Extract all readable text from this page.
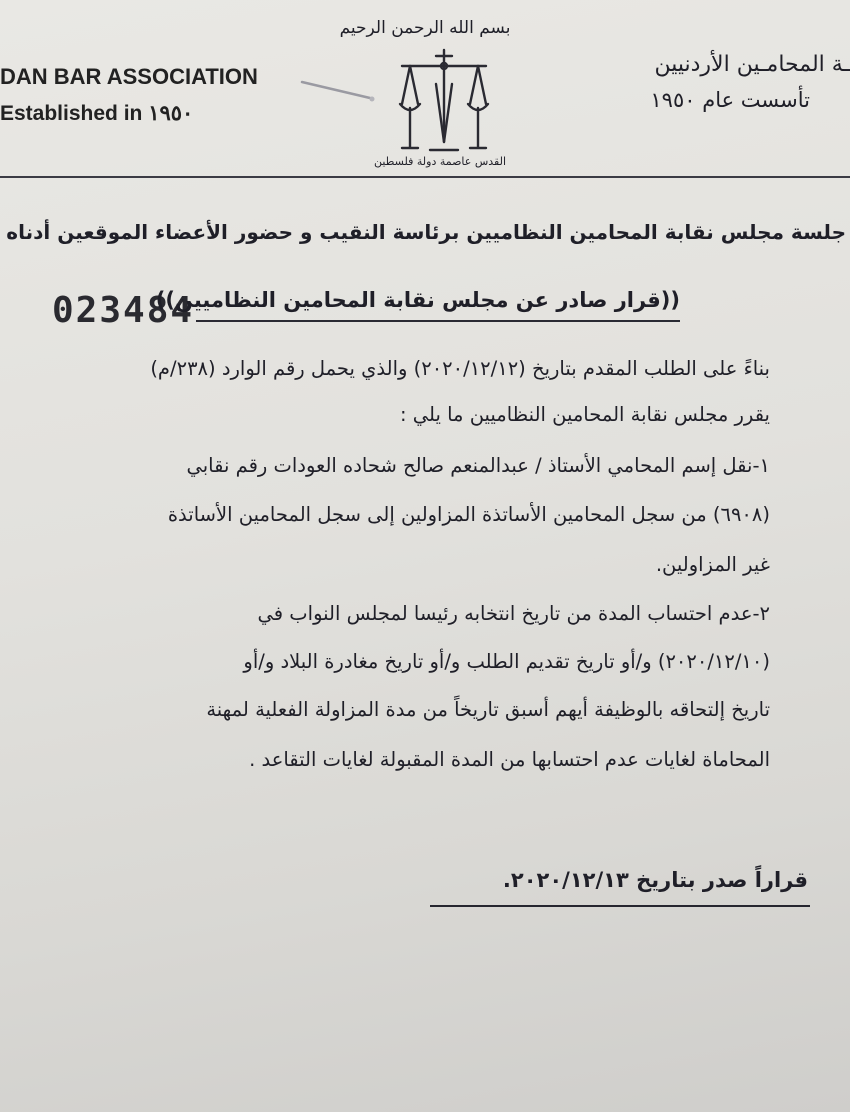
بسم الله الرحمن الرحيم

DAN BAR ASSOCIATION

Established in ١٩٥٠

ـة المحامـين الأردنيين

تأسست عام ١٩٥٠

القدس عاصمة دولة فلسطين

جلسة مجلس نقابة المحامين النظاميين برئاسة النقيب و حضور الأعضاء الموقعين أدناه

023484

((قرار صادر عن مجلس نقابة المحامين النظاميين))

بناءً على الطلب المقدم بتاريخ (٢٠٢٠/١٢/١٢) والذي يحمل رقم الوارد (٢٣٨/م)

يقرر مجلس نقابة المحامين النظاميين ما يلي :

١-نقل إسم المحامي الأستاذ / عبدالمنعم صالح شحاده العودات رقم نقابي

(٦٩٠٨) من سجل المحامين الأساتذة المزاولين إلى سجل المحامين الأساتذة

غير المزاولين.

٢-عدم احتساب المدة من تاريخ انتخابه رئيسا لمجلس النواب في

(٢٠٢٠/١٢/١٠) و/أو تاريخ تقديم الطلب و/أو تاريخ مغادرة البلاد و/أو

تاريخ إلتحاقه بالوظيفة أيهم أسبق تاريخاً من مدة المزاولة الفعلية لمهنة

المحاماة لغايات عدم احتسابها من المدة المقبولة لغايات التقاعد .

قراراً صدر بتاريخ ٢٠٢٠/١٢/١٣.
